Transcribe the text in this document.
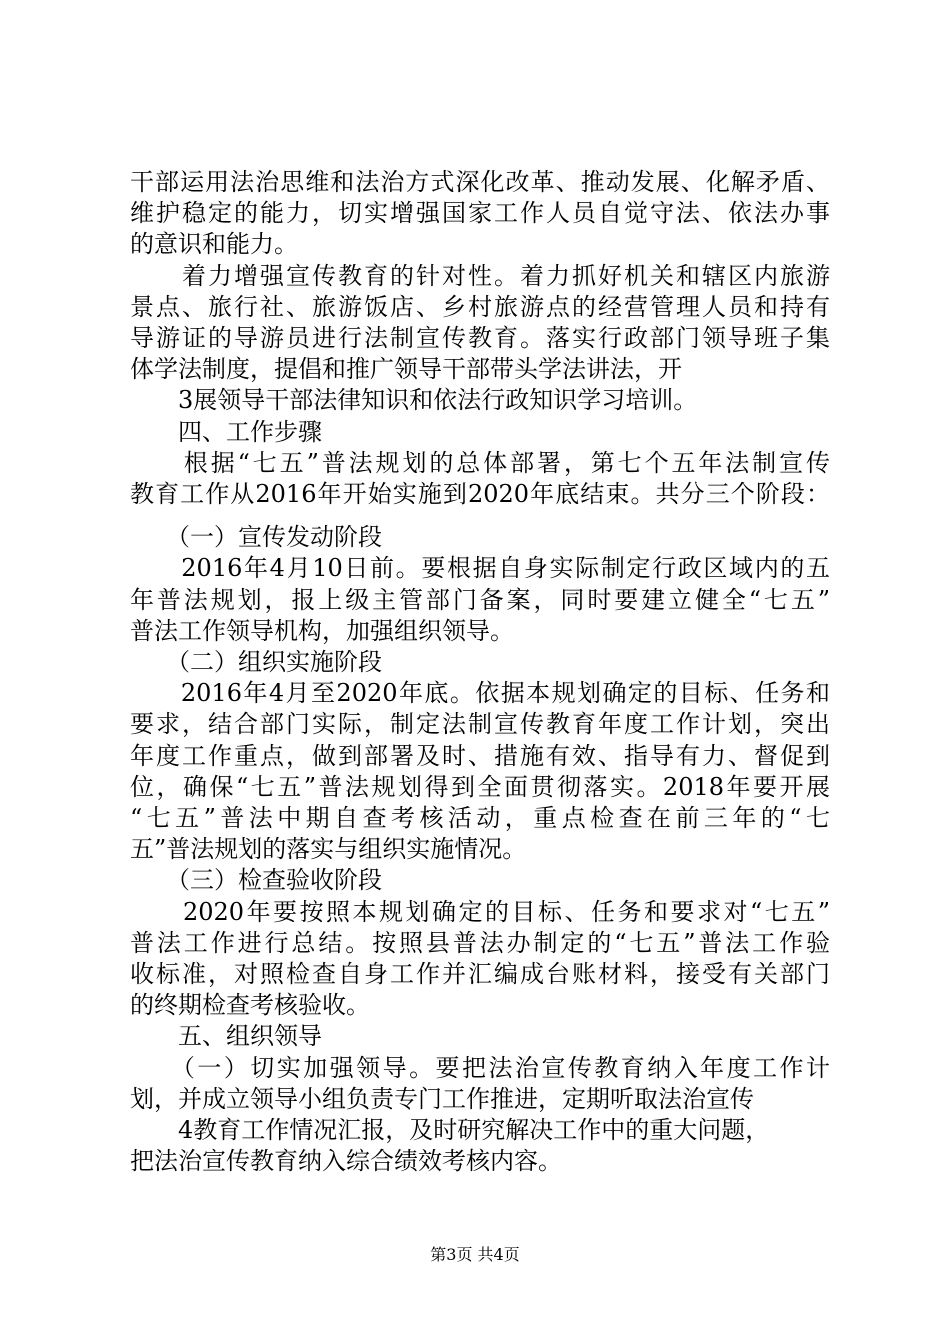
干部运用法治思维和法治方式深化改革、推动发展、化解矛盾、
维护稳定的能力，切实增强国家工作人员自觉守法、依法办事
的意识和能力。
　　着力增强宣传教育的针对性。着力抓好机关和辖区内旅游
景点、旅行社、旅游饭店、乡村旅游点的经营管理人员和持有
导游证的导游员进行法制宣传教育。落实行政部门领导班子集
体学法制度，提倡和推广领导干部带头学法讲法，开
　　3展领导干部法律知识和依法行政知识学习培训。
　　四、工作步骤
　　根据“七五”普法规划的总体部署，第七个五年法制宣传
教育工作从2016年开始实施到2020年底结束。共分三个阶段：
　　（一）宣传发动阶段
　　2016年4月10日前。要根据自身实际制定行政区域内的五
年普法规划，报上级主管部门备案，同时要建立健全“七五”
普法工作领导机构，加强组织领导。
　　（二）组织实施阶段
　　2016年4月至2020年底。依据本规划确定的目标、任务和
要求，结合部门实际，制定法制宣传教育年度工作计划，突出
年度工作重点，做到部署及时、措施有效、指导有力、督促到
位，确保“七五”普法规划得到全面贯彻落实。2018年要开展
“七五”普法中期自查考核活动，重点检查在前三年的“七
五”普法规划的落实与组织实施情况。
　　（三）检查验收阶段
　　2020年要按照本规划确定的目标、任务和要求对“七五”
普法工作进行总结。按照县普法办制定的“七五”普法工作验
收标准，对照检查自身工作并汇编成台账材料，接受有关部门
的终期检查考核验收。
　　五、组织领导
　　（一）切实加强领导。要把法治宣传教育纳入年度工作计
划，并成立领导小组负责专门工作推进，定期听取法治宣传
　　4教育工作情况汇报，及时研究解决工作中的重大问题，
把法治宣传教育纳入综合绩效考核内容。
第3页 共4页
